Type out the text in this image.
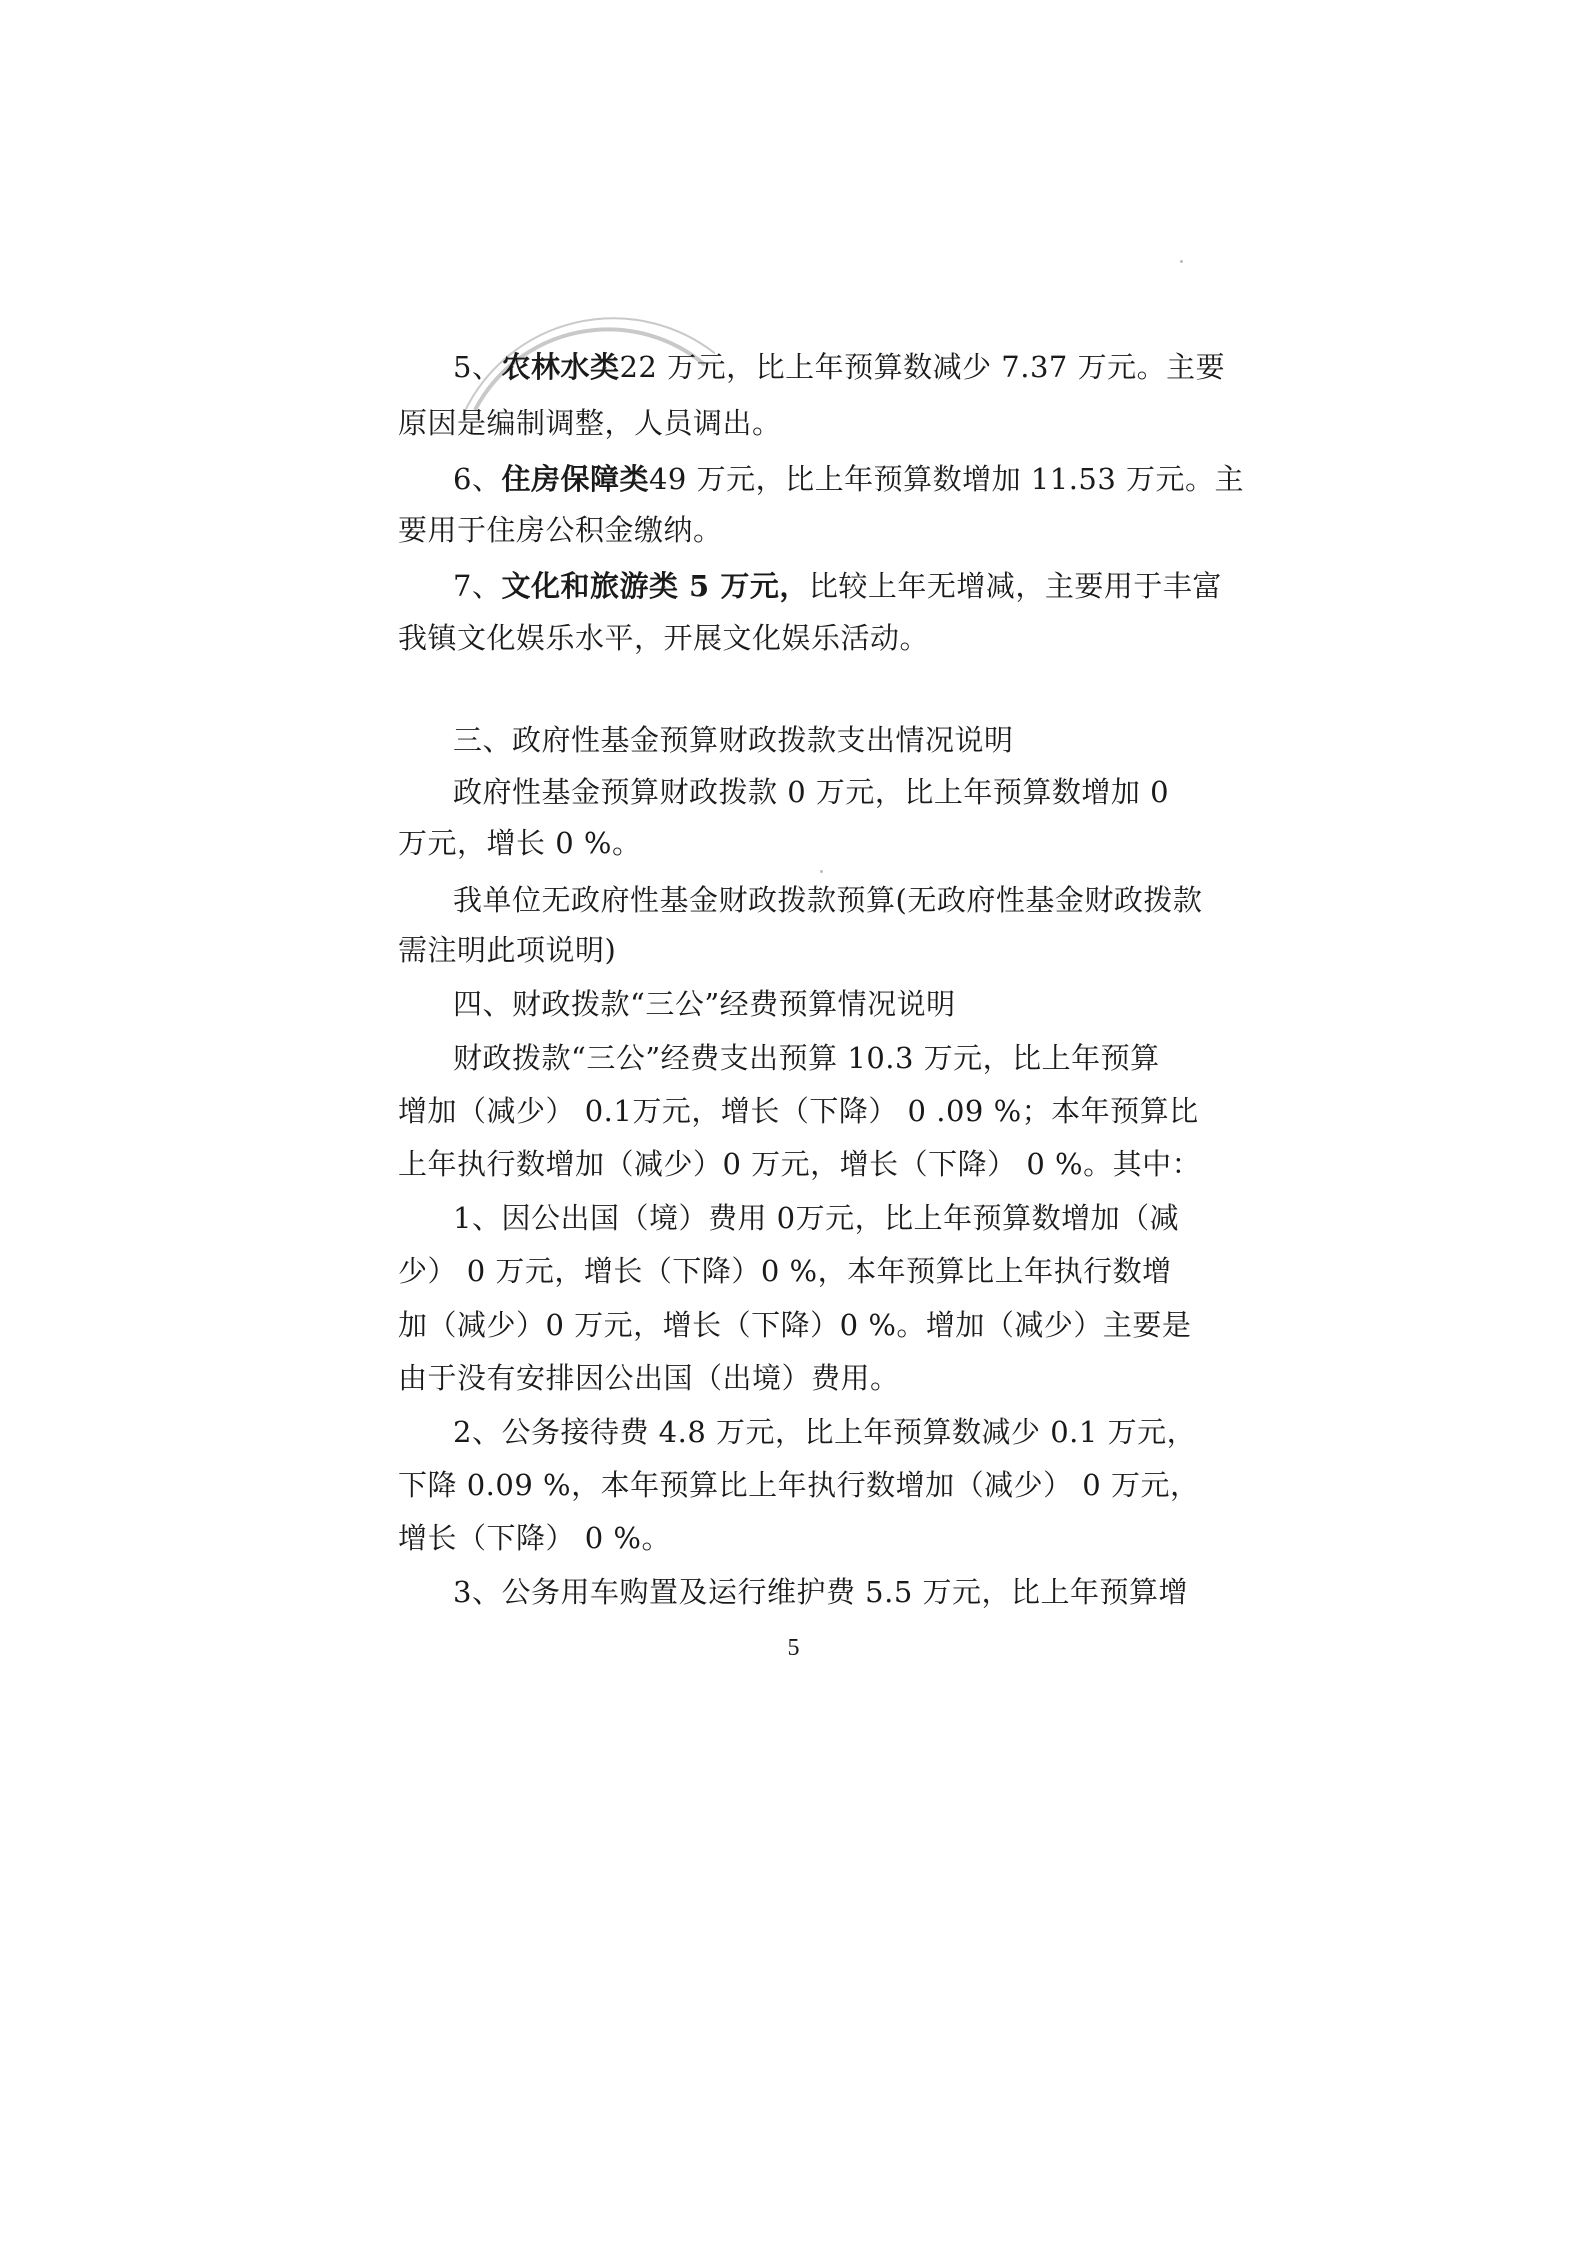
5、农林水类22 万元，比上年预算数减少 7.37 万元。主要
原因是编制调整，人员调出。
6、住房保障类49 万元，比上年预算数增加 11.53 万元。主
要用于住房公积金缴纳。
7、文化和旅游类 5 万元，比较上年无增减，主要用于丰富
我镇文化娱乐水平，开展文化娱乐活动。
三、政府性基金预算财政拨款支出情况说明
政府性基金预算财政拨款 0 万元，比上年预算数增加 0
万元，增长 0 %。
我单位无政府性基金财政拨款预算(无政府性基金财政拨款
需注明此项说明)
四、财政拨款“三公”经费预算情况说明
财政拨款“三公”经费支出预算 10.3 万元，比上年预算
增加（减少） 0.1万元，增长（下降） 0 .09 %；本年预算比
上年执行数增加（减少）0 万元，增长（下降） 0 %。其中：
1、因公出国（境）费用 0万元，比上年预算数增加（减
少） 0 万元，增长（下降）0 %，本年预算比上年执行数增
加（减少）0 万元，增长（下降）0 %。增加（减少）主要是
由于没有安排因公出国（出境）费用。
2、公务接待费 4.8 万元，比上年预算数减少 0.1 万元，
下降 0.09 %，本年预算比上年执行数增加（减少） 0 万元，
增长（下降） 0 %。
3、公务用车购置及运行维护费 5.5 万元，比上年预算增
5
